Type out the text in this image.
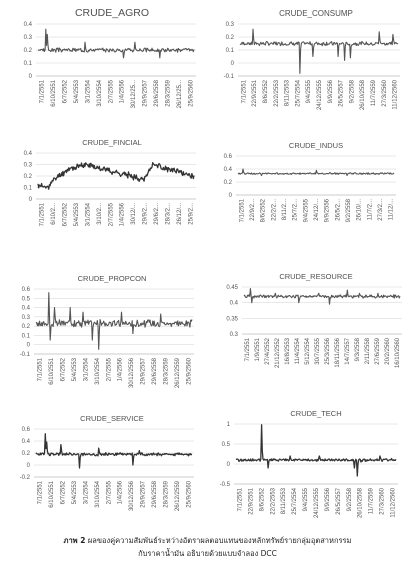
CRUDE_AGRO
0.4
0.3
0.2
0.1
0
7/1/2551 6/10/2551 6/7/2552 5/4/2553 3/1/2554 3/10/2554 2/7/2555 1/4/2556 30/12/25... 29/9/2557 29/6/2558 28/3/2559 26/12/25... 25/9/2560
CRUDE_CONSUMP
0.3
0.2
0.1
0
-0.1
7/1/2551 22/9/2551 8/6/2552 22/2/2553 8/11/2553 25/7/2554 9/4/2555 24/12/2555 9/9/2556 26/5/2557 9/2/2558 26/10/2558 11/7/2559 27/3/2560 11/12/2560
CRUDE_FINCIAL
0.4
0.3
0.2
0.1
0
7/1/2551 6/10/2... 6/7/2552 5/4/2553 3/1/2554 3/10/2... 2/7/2555 1/4/2556 30/12/... 29/9/2... 29/6/2... 28/3/2... 26/12/... 25/9/2...
CRUDE_INDUS
0.6
0.4
0.2
0
7/1/2551 22/9/2... 8/6/2552 22/2/2... 8/11/2... 25/7/2... 9/4/2555 24/12/... 9/9/2556 26/5/2... 9/2/2558 26/10/... 11/7/2... 27/3/2... 11/12/...
CRUDE_PROPCON
0.6
0.5
0.4
0.3
0.2
0.1
0
-0.1
7/1/2551 6/10/2551 6/7/2552 5/4/2553 3/1/2554 3/10/2554 2/7/2555 1/4/2556 30/12/2556 29/9/2557 29/6/2558 28/3/2559 26/12/2559 25/9/2560
CRUDE_RESOURCE
0.45
0.4
0.35
0.3
7/1/2551 1/9/2551 27/4/2552 21/12/2552 16/8/2553 11/4/2554 5/12/2554 30/7/2555 25/3/2556 18/11/2556 14/7/2557 9/3/2558 2/11/2558 27/6/2559 20/2/2560 16/10/2560
CRUDE_SERVICE
0.6
0.4
0.2
0
-0.2
7/1/2551 6/10/2551 6/7/2552 5/4/2553 3/1/2554 3/10/2554 2/7/2555 1/4/2556 30/12/2556 29/9/2557 29/6/2558 28/3/2559 26/12/2559 25/9/2560
CRUDE_TECH
1
0.5
0
-0.5
7/1/2551 22/9/2551 8/6/2552 22/2/2553 8/11/2553 25/7/2554 9/4/2555 24/12/2555 9/9/2556 26/5/2557 9/2/2558 26/10/2558 11/7/2559 27/3/2560 11/12/2560
ภาพ 2 ผลของคู่ความสัมพันธ์ระหว่างอัตราผลตอบแทนของหลักทรัพย์รายกลุ่มอุตสาหกรรม
กับราคาน้ำมัน อธิบายด้วยแบบจำลอง DCC
